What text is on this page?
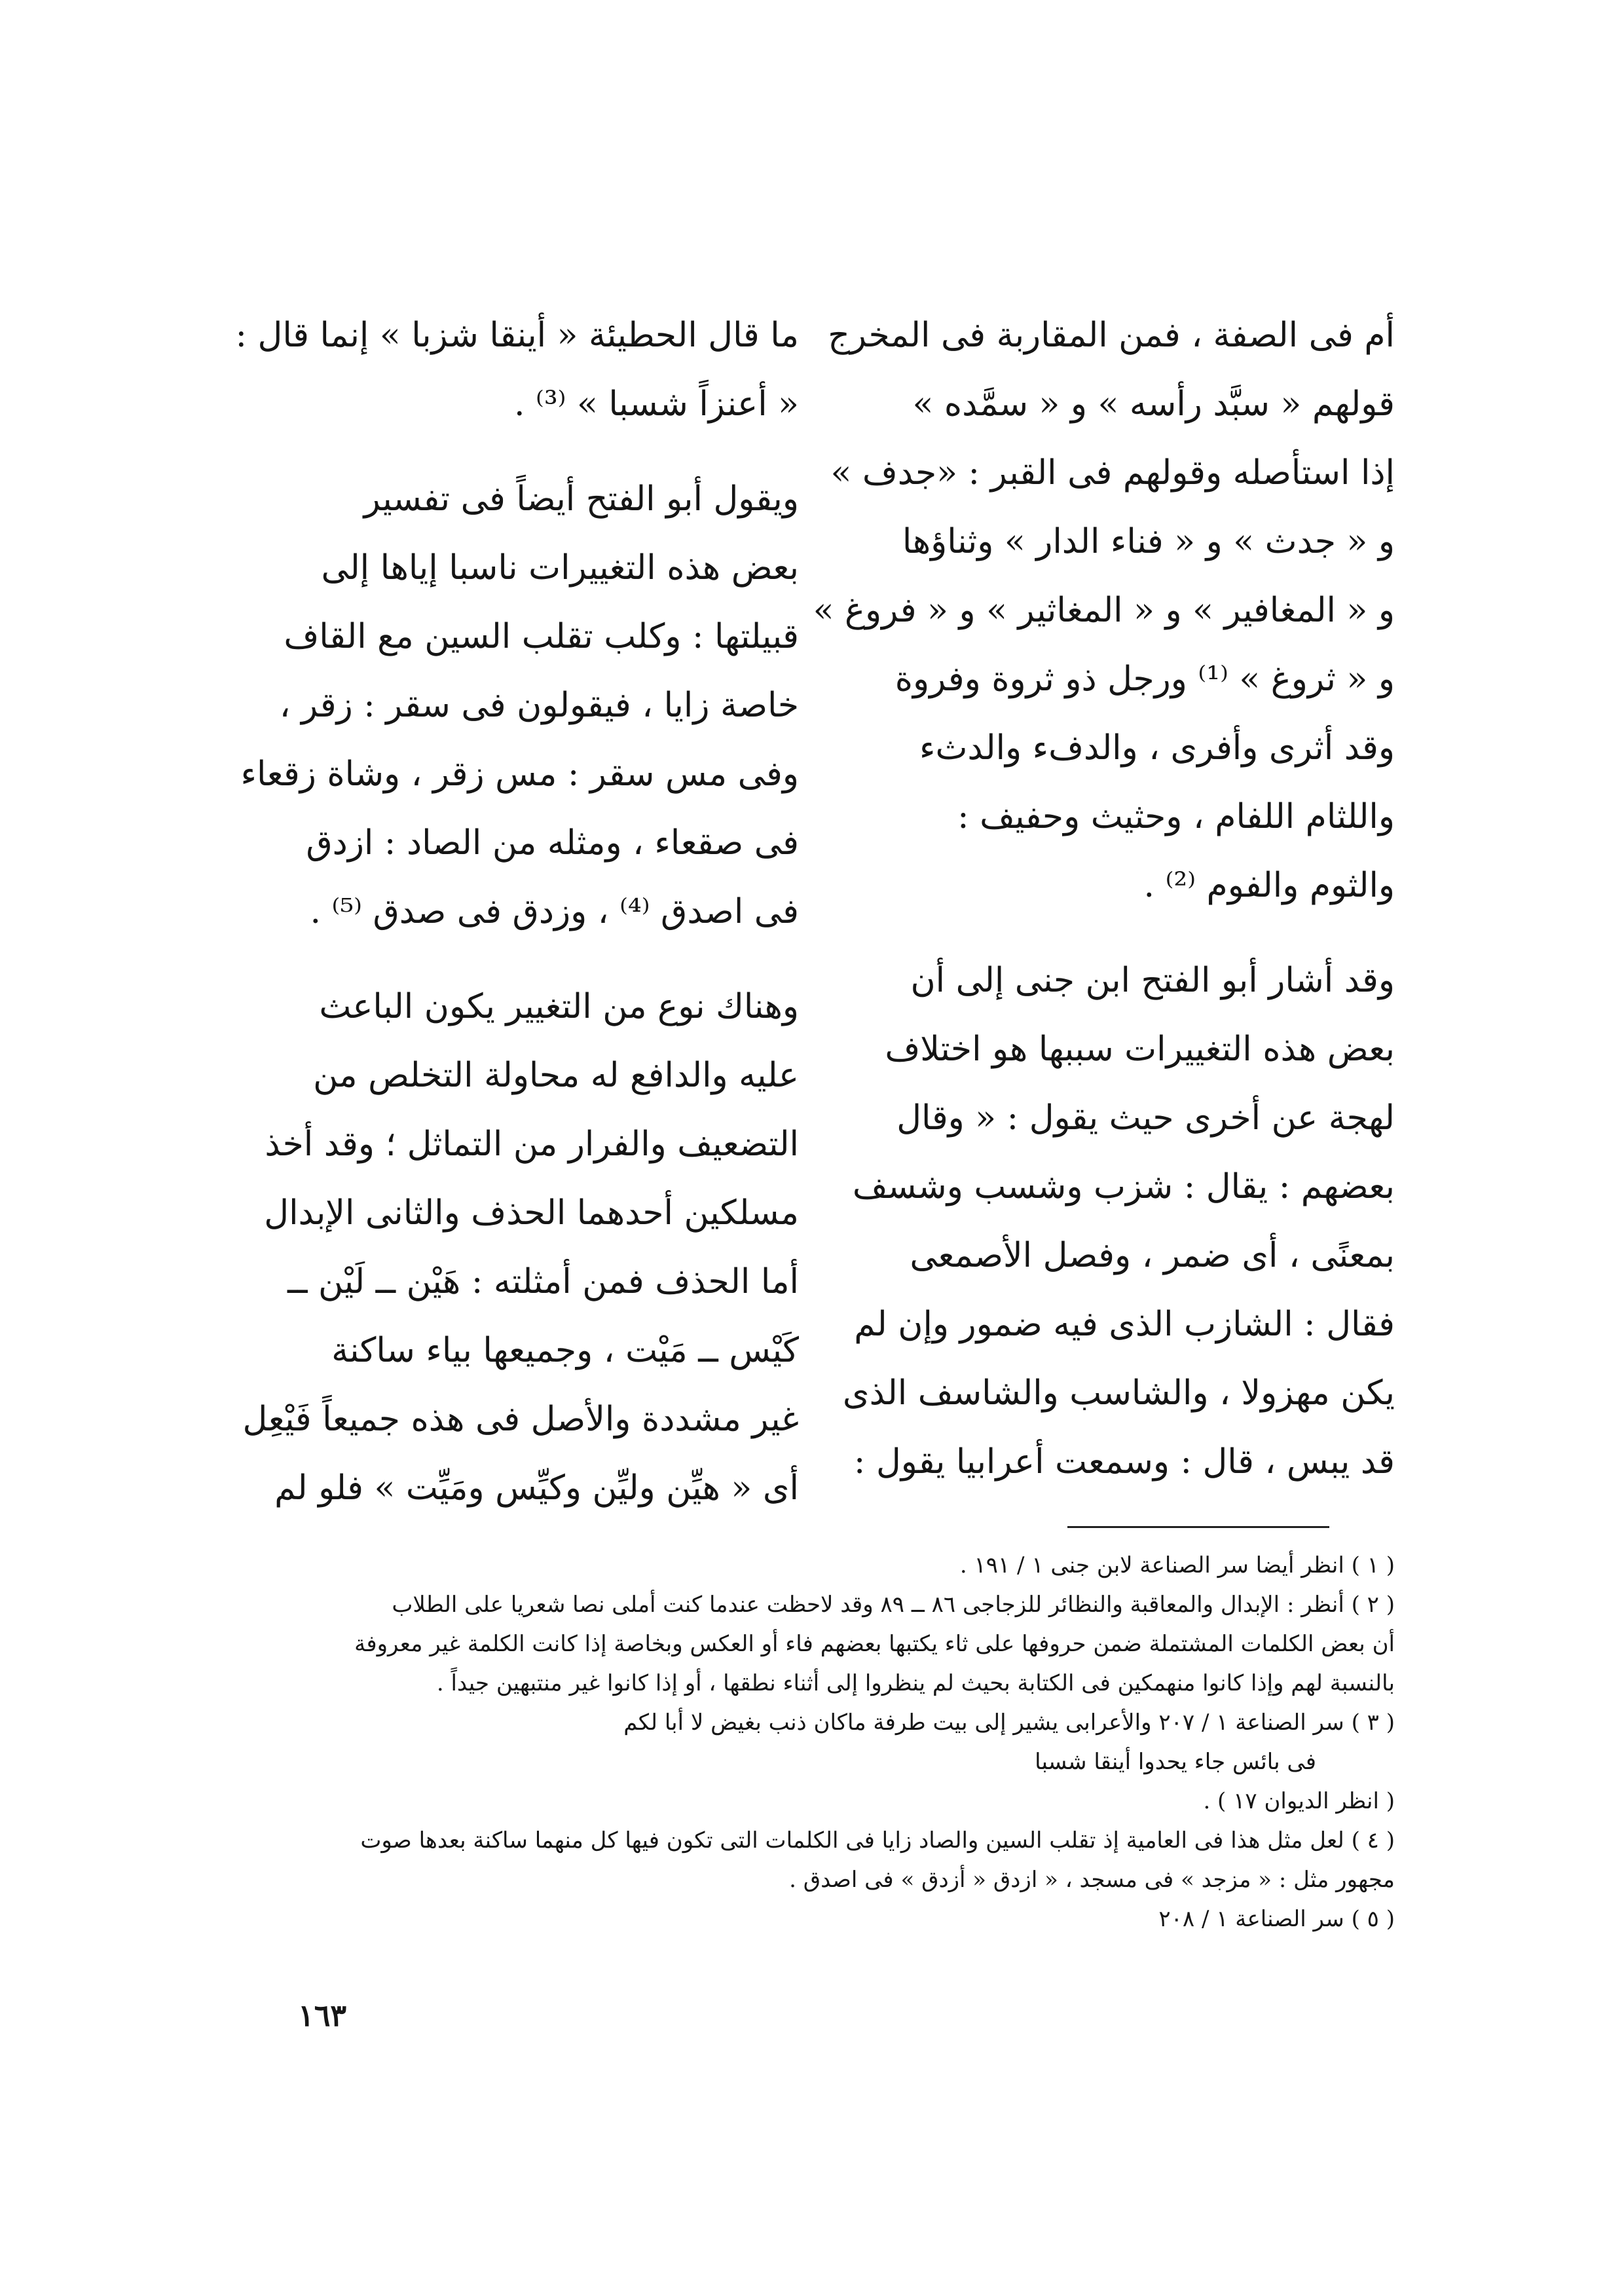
أم فى الصفة ، فمن المقاربة فى المخرج
قولهم « سبَّد رأسه » و « سمَّده »
إذا استأصله وقولهم فى القبر : «جدف »
و « جدث » و « فناء الدار » وثناؤها
و « المغافير » و « المغاثير » و « فروغ »
و « ثروغ » ⁽¹⁾ ورجل ذو ثروة وفروة
وقد أثرى وأفرى ، والدفء والدثء
واللثام اللفام ، وحثيث وحفيف :
والثوم والفوم ⁽²⁾ .
وقد أشار أبو الفتح ابن جنى إلى أن
بعض هذه التغييرات سببها هو اختلاف
لهجة عن أخرى حيث يقول : « وقال
بعضهم : يقال : شزب وشسب وشسف
بمعنًى ، أى ضمر ، وفصل الأصمعى
فقال : الشازب الذى فيه ضمور وإن لم
يكن مهزولا ، والشاسب والشاسف الذى
قد يبس ، قال : وسمعت أعرابيا يقول :
ما قال الحطيئة « أينقا شزبا » إنما قال :
« أعنزاً شسبا » ⁽³⁾ .
ويقول أبو الفتح أيضاً فى تفسير
بعض هذه التغييرات ناسبا إياها إلى
قبيلتها : وكلب تقلب السين مع القاف
خاصة زايا ، فيقولون فى سقر : زقر ،
وفى مس سقر : مس زقر ، وشاة زقعاء
فى صقعاء ، ومثله من الصاد : ازدق
فى اصدق ⁽⁴⁾ ، وزدق فى صدق ⁽⁵⁾ .
وهناك نوع من التغيير يكون الباعث
عليه والدافع له محاولة التخلص من
التضعيف والفرار من التماثل ؛ وقد أخذ
مسلكين أحدهما الحذف والثانى الإبدال
أما الحذف فمن أمثلته : هَيْن ــ لَيْن ــ
كَيْس ــ مَيْت ، وجميعها بياء ساكنة
غير مشددة والأصل فى هذه جميعاً فَيْعِل
أى « هيِّن وليِّن وكيِّس ومَيِّت » فلو لم
( ١ ) انظر أيضا سر الصناعة لابن جنى ١ / ١٩١ .
( ٢ ) أنظر : الإبدال والمعاقبة والنظائر للزجاجى ٨٦ ــ ٨٩ وقد لاحظت عندما كنت أملى نصا شعريا على الطلاب
أن بعض الكلمات المشتملة ضمن حروفها على ثاء يكتبها بعضهم فاء أو العكس وبخاصة إذا كانت الكلمة غير معروفة
بالنسبة لهم وإذا كانوا منهمكين فى الكتابة بحيث لم ينظروا إلى أثناء نطقها ، أو إذا كانوا غير منتبهين جيداً .
( ٣ ) سر الصناعة ١ / ٢٠٧ والأعرابى يشير إلى بيت طرفة ماكان ذنب بغيض لا أبا لكم
فى بائس جاء يحدوا أينقا شسبا
( انظر الديوان ١٧ ) .
( ٤ ) لعل مثل هذا فى العامية إذ تقلب السين والصاد زايا فى الكلمات التى تكون فيها كل منهما ساكنة بعدها صوت
مجهور مثل : « مزجد » فى مسجد ، « ازدق « أزدق » فى اصدق .
( ٥ ) سر الصناعة ١ / ٢٠٨
١٦٣
